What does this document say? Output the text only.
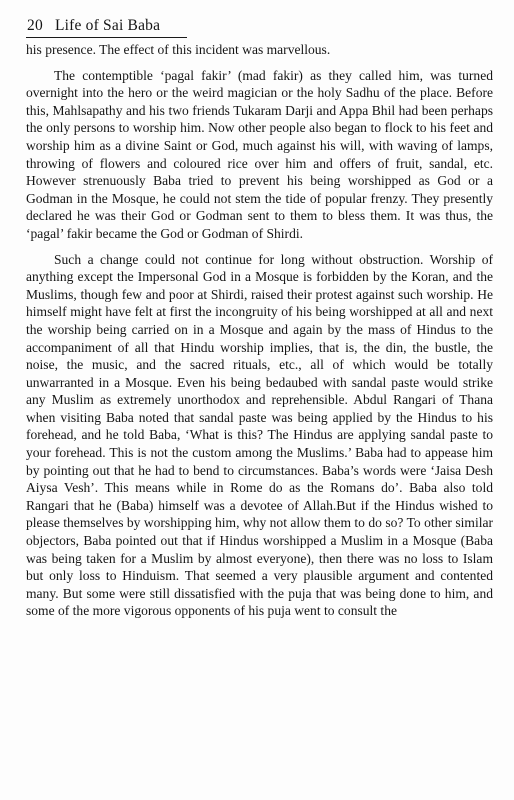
20 Life of Sai Baba

his presence. The effect of this incident was marvellous.

The contemptible ‘pagal fakir’ (mad fakir) as they called him, was turned overnight into the hero or the weird magician or the holy Sadhu of the place. Before this, Mahlsapathy and his two friends Tukaram Darji and Appa Bhil had been perhaps the only persons to worship him. Now other people also began to flock to his feet and worship him as a divine Saint or God, much against his will, with waving of lamps, throwing of flowers and coloured rice over him and offers of fruit, sandal, etc. However strenuously Baba tried to prevent his being worshipped as God or a Godman in the Mosque, he could not stem the tide of popular frenzy. They presently declared he was their God or Godman sent to them to bless them. It was thus, the ‘pagal’ fakir became the God or Godman of Shirdi.

Such a change could not continue for long without obstruction. Worship of anything except the Impersonal God in a Mosque is forbidden by the Koran, and the Muslims, though few and poor at Shirdi, raised their protest against such worship. He himself might have felt at first the incongruity of his being worshipped at all and next the worship being carried on in a Mosque and again by the mass of Hindus to the accompaniment of all that Hindu worship implies, that is, the din, the bustle, the noise, the music, and the sacred rituals, etc., all of which would be totally unwarranted in a Mosque. Even his being bedaubed with sandal paste would strike any Muslim as extremely unorthodox and reprehensible. Abdul Rangari of Thana when visiting Baba noted that sandal paste was being applied by the Hindus to his forehead, and he told Baba, ‘What is this? The Hindus are applying sandal paste to your forehead. This is not the custom among the Muslims.’ Baba had to appease him by pointing out that he had to bend to circumstances. Baba’s words were ‘Jaisa Desh Aiysa Vesh’. This means while in Rome do as the Romans do’. Baba also told Rangari that he (Baba) himself was a devotee of Allah.But if the Hindus wished to please themselves by worshipping him, why not allow them to do so? To other similar objectors, Baba pointed out that if Hindus worshipped a Muslim in a Mosque (Baba was being taken for a Muslim by almost everyone), then there was no loss to Islam but only loss to Hinduism. That seemed a very plausible argument and contented many. But some were still dissatisfied with the puja that was being done to him, and some of the more vigorous opponents of his puja went to consult the
